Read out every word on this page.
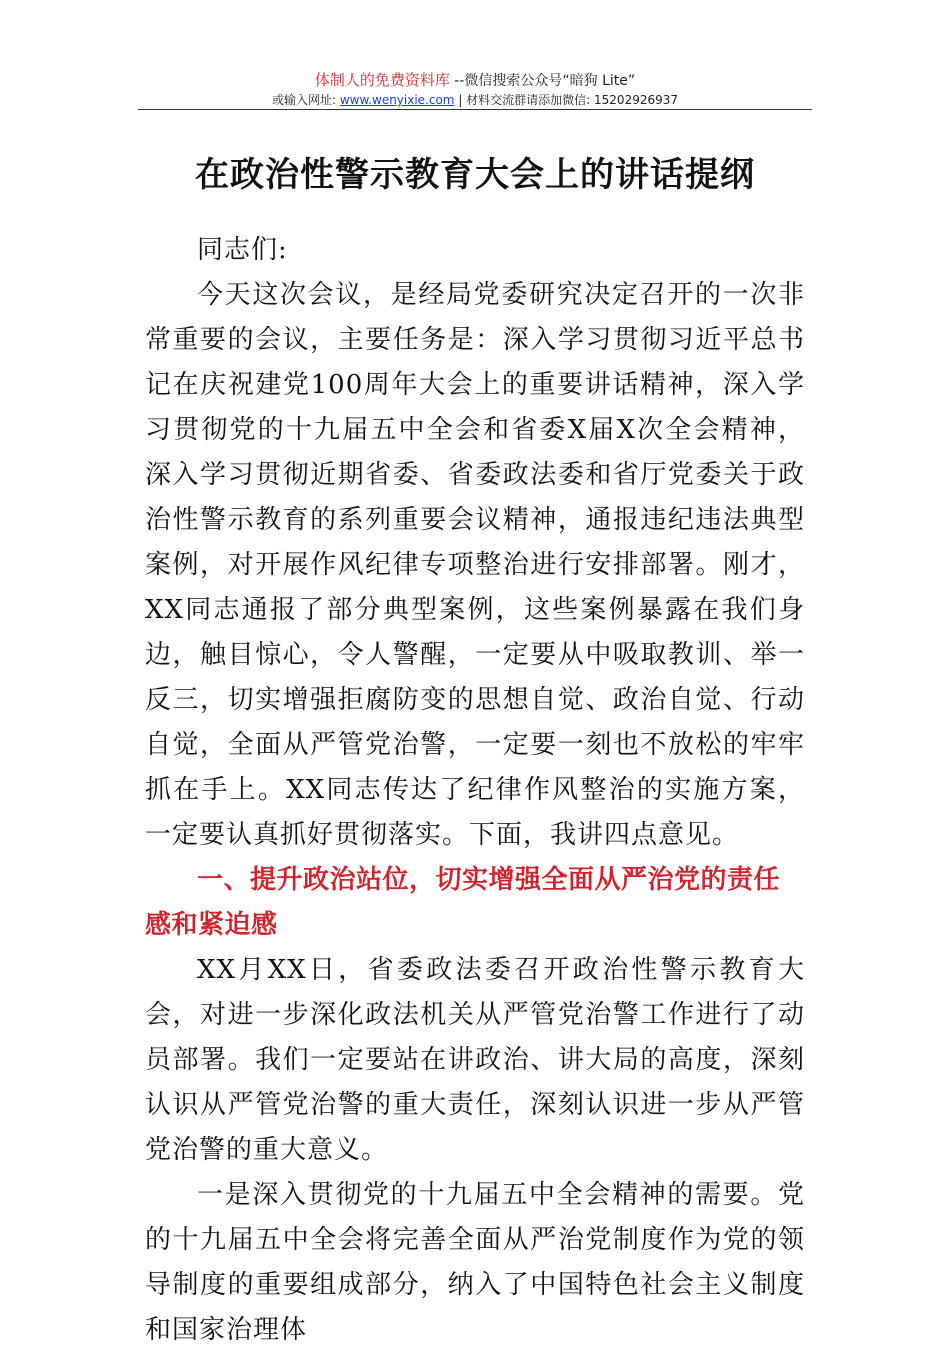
体制人的免费资料库 --微信搜索公众号“暗狗 Lite”
或输入网址: www.wenyixie.com | 材料交流群请添加微信: 15202926937
在政治性警示教育大会上的讲话提纲

同志们:

今天这次会议，是经局党委研究决定召开的一次非常重要的会议，主要任务是：深入学习贯彻习近平总书记在庆祝建党100周年大会上的重要讲话精神，深入学习贯彻党的十九届五中全会和省委X届X次全会精神，深入学习贯彻近期省委、省委政法委和省厅党委关于政治性警示教育的系列重要会议精神，通报违纪违法典型案例，对开展作风纪律专项整治进行安排部署。刚才，XX同志通报了部分典型案例，这些案例暴露在我们身边，触目惊心，令人警醒，一定要从中吸取教训、举一反三，切实增强拒腐防变的思想自觉、政治自觉、行动自觉，全面从严管党治警，一定要一刻也不放松的牢牢抓在手上。XX同志传达了纪律作风整治的实施方案，一定要认真抓好贯彻落实。下面，我讲四点意见。

一、提升政治站位，切实增强全面从严治党的责任感和紧迫感

XX月XX日，省委政法委召开政治性警示教育大会，对进一步深化政法机关从严管党治警工作进行了动员部署。我们一定要站在讲政治、讲大局的高度，深刻认识从严管党治警的重大责任，深刻认识进一步从严管党治警的重大意义。

一是深入贯彻党的十九届五中全会精神的需要。党的十九届五中全会将完善全面从严治党制度作为党的领导制度的重要组成部分，纳入了中国特色社会主义制度和国家治理体
